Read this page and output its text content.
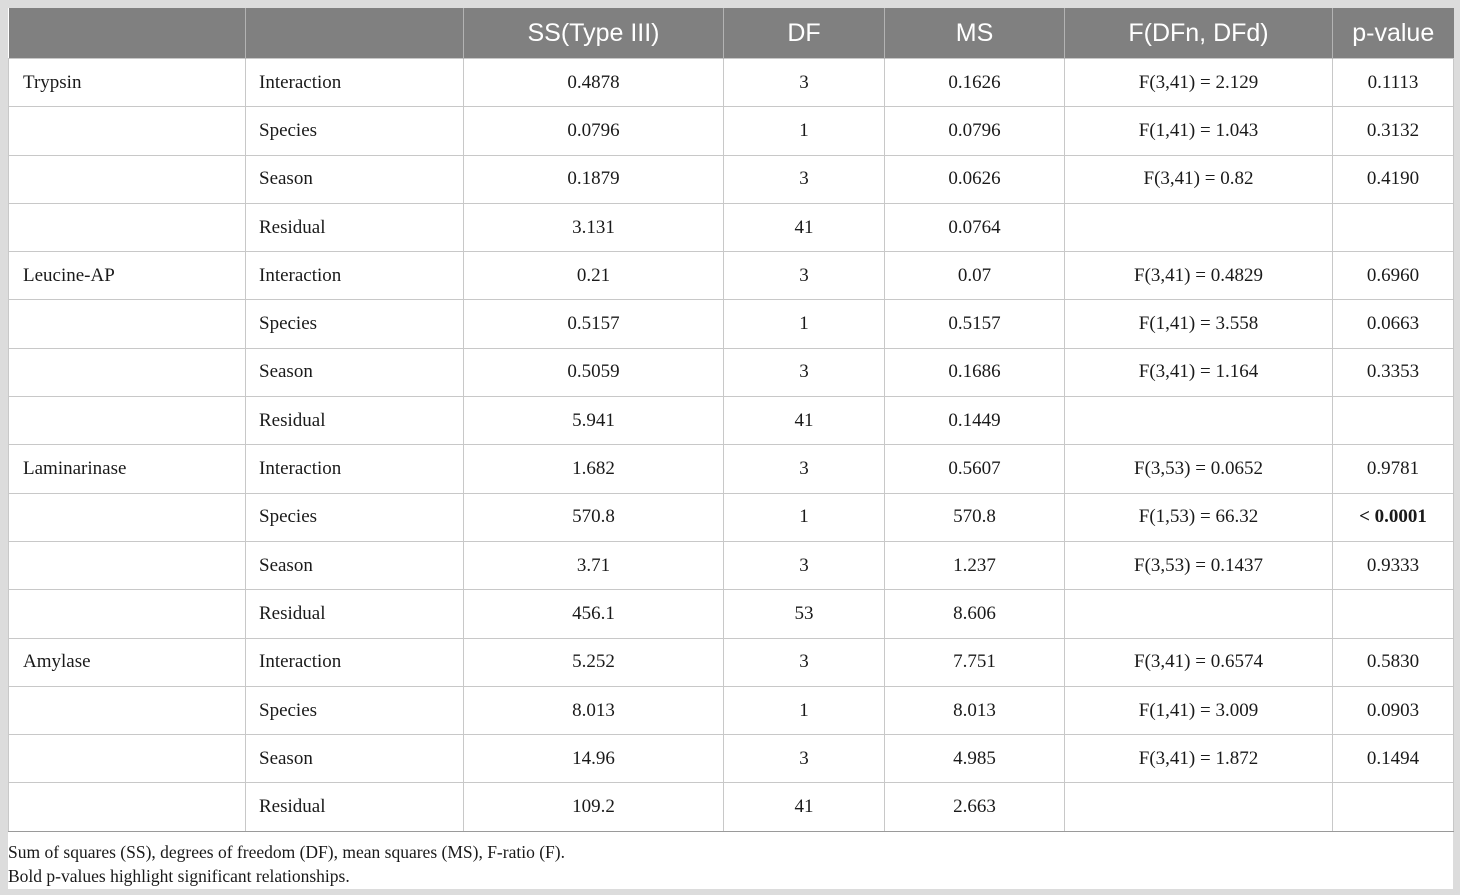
		SS(Type III)	DF	MS	F(DFn, DFd)	p-value
Trypsin	Interaction	0.4878	3	0.1626	F(3,41) = 2.129	0.1113
	Species	0.0796	1	0.0796	F(1,41) = 1.043	0.3132
	Season	0.1879	3	0.0626	F(3,41) = 0.82	0.4190
	Residual	3.131	41	0.0764		
Leucine-AP	Interaction	0.21	3	0.07	F(3,41) = 0.4829	0.6960
	Species	0.5157	1	0.5157	F(1,41) = 3.558	0.0663
	Season	0.5059	3	0.1686	F(3,41) = 1.164	0.3353
	Residual	5.941	41	0.1449		
Laminarinase	Interaction	1.682	3	0.5607	F(3,53) = 0.0652	0.9781
	Species	570.8	1	570.8	F(1,53) = 66.32	< 0.0001
	Season	3.71	3	1.237	F(3,53) = 0.1437	0.9333
	Residual	456.1	53	8.606		
Amylase	Interaction	5.252	3	7.751	F(3,41) = 0.6574	0.5830
	Species	8.013	1	8.013	F(1,41) = 3.009	0.0903
	Season	14.96	3	4.985	F(3,41) = 1.872	0.1494
	Residual	109.2	41	2.663		
Sum of squares (SS), degrees of freedom (DF), mean squares (MS), F-ratio (F).
Bold p-values highlight significant relationships.
